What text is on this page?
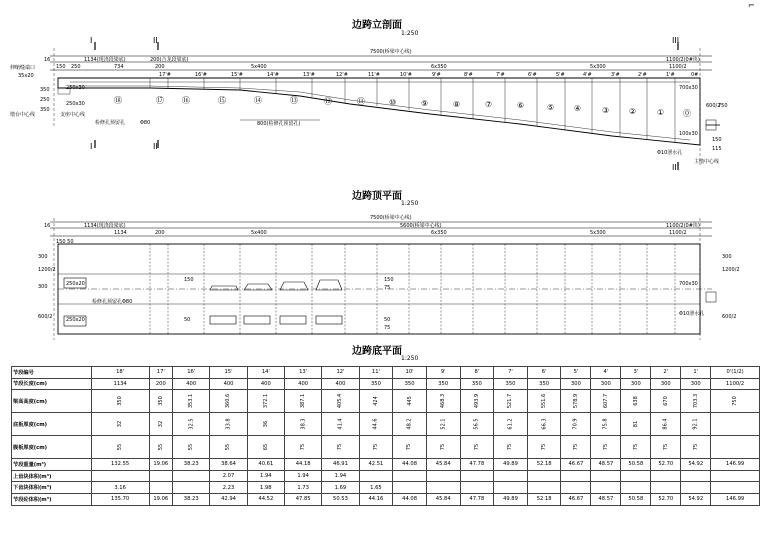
⌐
边跨立剖面
1:250
边跨顶平面
1:250
边跨底平面
1:250
⑱	⑰ ⑯	⑮	⑭	⑬	⑫	⑪	⑩	⑨	⑧	⑦	⑥	⑤ ④	③ ②	① ⓪
I
I
II
II
III
III
7500(桥梁中心线)
1134(现浇段梁底)	200(合龙段梁底)	1100/2(0#块)
1100/2
16
150 250	734	200	5x400	6x350	5x300
伸缩缝端口
35x20
墩台中心线	支座中心线
检修孔预留孔	Φ80	800(检修孔预留孔)
250x30
250x30
Φ10泄水孔
主墩中心线
700x30
100x30
350
250
350
750
600/2
150
115
17'#	16'#	15'#	14'#	13'#	12'#	11'#	10'#	9'#	8'#	7'#	6'#	5'#	4'#	3'#	2'#	1'#	0#
7500(桥梁中心线)
1134(现浇段梁底)
1134	200	5x400
5600(桥梁中心线)
6x350	5x300
1100/2(0#块)
1100/2
16
150 50
250x20
250x20
检修孔预留孔Φ80
700x30
Φ10泄水孔
300
1200/2
300
600/2
300
1200/2
600/2
150
50
150
75
50
75
节段编号	18'	17'	16'	15'	14'	13'	12'	11'	10'	9'	8'	7'	6'	5'	4'	3'	2'	1'	0'(1/2)
节段长度(cm)	1134	200	400	400	400	400	400	350	350	350	350	350	350	300	300	300	300	300	1100/2
梁高高度(cm)	350	350	353.1	360.6	372.1	387.1	405.4	424	445	468.3	493.9	521.7	551.6	578.9	607.7	638	670	703.3	750
底板厚度(cm)	32	32	32.5	33.8	36	38.3	41.4	44.6	48.2	52.1	56.5	61.2	66.3	70.9	75.8	81	86.4	92.1	
腹板厚度(cm)	55	55	55	55	65	75	75	75	75	75	75	75	75	75	75	75	75	75	
节段重量(m³)	132.55	19.06	38.23	38.64	40.61	44.18	46.91	42.51	44.08	45.84	47.78	49.89	52.18	46.67	48.57	50.58	52.70	54.92	146.99
上齿块体积(m³)				2.07	1.94	1.94	1.94												
下齿块体积(m³)	3.16			2.23	1.98	1.73	1.69	1.65											
节段砼体积(m³)	135.70	19.06	38.23	42.94	44.52	47.85	50.53	44.16	44.08	45.84	47.78	49.89	52.18	46.67	48.57	50.58	52.70	54.92	146.99
